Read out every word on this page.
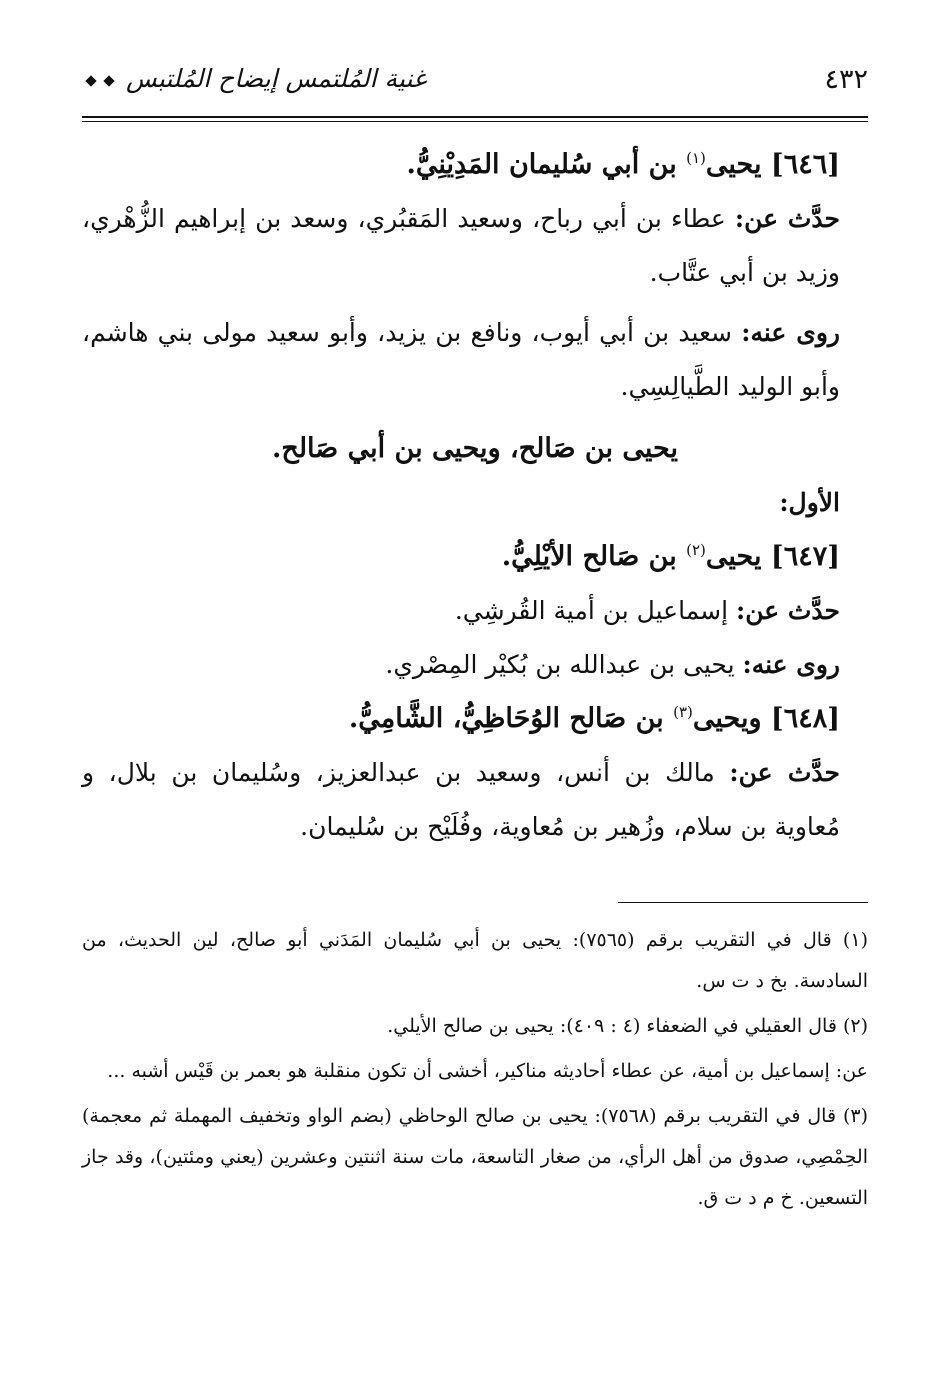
٤٣٢
غنية المُلتمس إيضاح المُلتبس

[٦٤٦] يحيى$^{(١)}$ بن أبي سُليمان المَدِيْنِيُّ.

حدَّث عن: عطاء بن أبي رباح، وسعيد المَقبُري، وسعد بن إبراهيم الزُّهْري، وزيد بن أبي عتَّاب.

روى عنه: سعيد بن أبي أيوب، ونافع بن يزيد، وأبو سعيد مولى بني هاشم، وأبو الوليد الطَّيالِسِي.

يحيى بن صَالح، ويحيى بن أبي صَالح.

الأول:

[٦٤٧] يحيى$^{(٢)}$ بن صَالح الأيْلِيُّ.

حدَّث عن: إسماعيل بن أمية القُرشِي.

روى عنه: يحيى بن عبدالله بن بُكيْر المِصْري.

[٦٤٨] ويحيى$^{(٣)}$ بن صَالح الوُحَاظِيُّ، الشَّامِيُّ.

حدَّث عن: مالك بن أنس، وسعيد بن عبدالعزيز، وسُليمان بن بلال، و مُعاوية بن سلام، وزُهير بن مُعاوية، وفُلَيْح بن سُليمان.

(١) قال في التقريب برقم (٧٥٦٥): يحيى بن أبي سُليمان المَدَني أبو صالح، لين الحديث، من السادسة. بخ د ت س.

(٢) قال العقيلي في الضعفاء (٤ : ٤٠٩): يحيى بن صالح الأيلي.

عن: إسماعيل بن أمية، عن عطاء أحاديثه مناكير، أخشى أن تكون منقلبة هو بعمر بن قَيْس أشبه ...

(٣) قال في التقريب برقم (٧٥٦٨): يحيى بن صالح الوحاظي (بضم الواو وتخفيف المهملة ثم معجمة) الحِمْصِي، صدوق من أهل الرأي، من صغار التاسعة، مات سنة اثنتين وعشرين (يعني ومئتين)، وقد جاز التسعين. خ م د ت ق.
